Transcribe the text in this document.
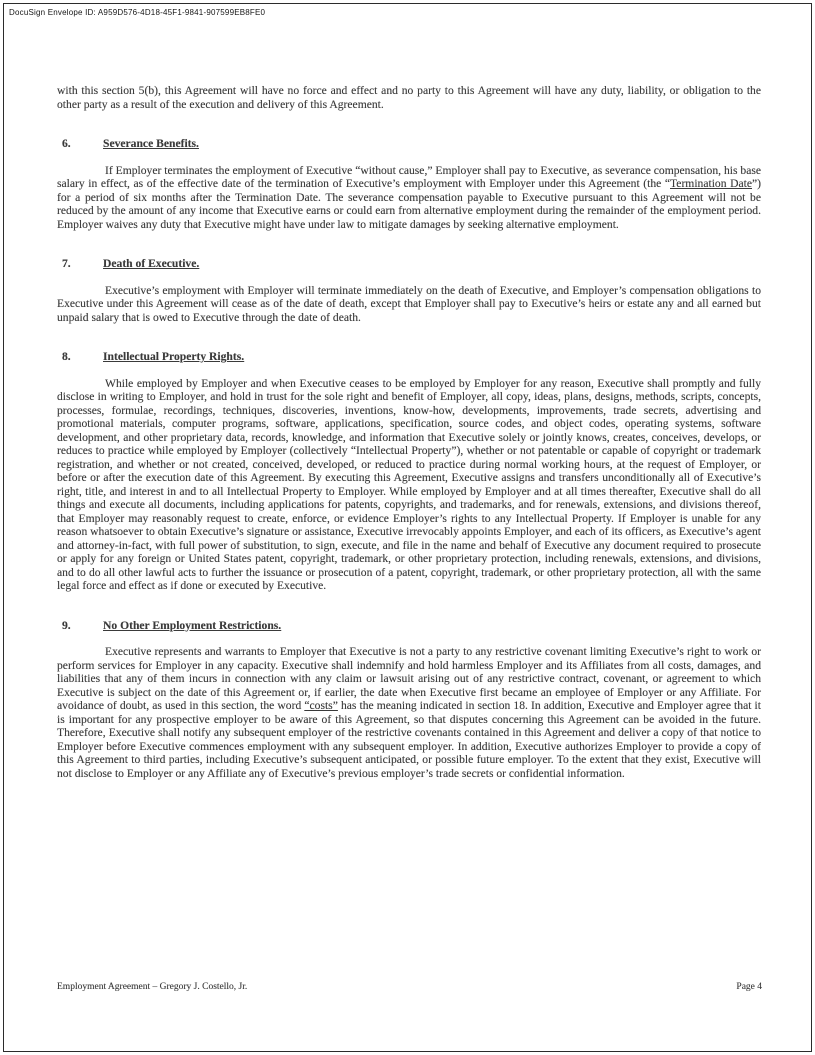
DocuSign Envelope ID: A959D576-4D18-45F1-9841-907599EB8FE0

with this section 5(b), this Agreement will have no force and effect and no party to this Agreement will have any duty, liability, or obligation to the other party as a result of the execution and delivery of this Agreement.

6.	Severance Benefits.

If Employer terminates the employment of Executive “without cause,” Employer shall pay to Executive, as severance compensation, his base salary in effect, as of the effective date of the termination of Executive’s employment with Employer under this Agreement (the “Termination Date”) for a period of six months after the Termination Date. The severance compensation payable to Executive pursuant to this Agreement will not be reduced by the amount of any income that Executive earns or could earn from alternative employment during the remainder of the employment period. Employer waives any duty that Executive might have under law to mitigate damages by seeking alternative employment.

7.	Death of Executive.

Executive’s employment with Employer will terminate immediately on the death of Executive, and Employer’s compensation obligations to Executive under this Agreement will cease as of the date of death, except that Employer shall pay to Executive’s heirs or estate any and all earned but unpaid salary that is owed to Executive through the date of death.

8.	Intellectual Property Rights.

While employed by Employer and when Executive ceases to be employed by Employer for any reason, Executive shall promptly and fully disclose in writing to Employer, and hold in trust for the sole right and benefit of Employer, all copy, ideas, plans, designs, methods, scripts, concepts, processes, formulae, recordings, techniques, discoveries, inventions, know-how, developments, improvements, trade secrets, advertising and promotional materials, computer programs, software, applications, specification, source codes, and object codes, operating systems, software development, and other proprietary data, records, knowledge, and information that Executive solely or jointly knows, creates, conceives, develops, or reduces to practice while employed by Employer (collectively “Intellectual Property”), whether or not patentable or capable of copyright or trademark registration, and whether or not created, conceived, developed, or reduced to practice during normal working hours, at the request of Employer, or before or after the execution date of this Agreement. By executing this Agreement, Executive assigns and transfers unconditionally all of Executive’s right, title, and interest in and to all Intellectual Property to Employer. While employed by Employer and at all times thereafter, Executive shall do all things and execute all documents, including applications for patents, copyrights, and trademarks, and for renewals, extensions, and divisions thereof, that Employer may reasonably request to create, enforce, or evidence Employer’s rights to any Intellectual Property. If Employer is unable for any reason whatsoever to obtain Executive’s signature or assistance, Executive irrevocably appoints Employer, and each of its officers, as Executive’s agent and attorney-in-fact, with full power of substitution, to sign, execute, and file in the name and behalf of Executive any document required to prosecute or apply for any foreign or United States patent, copyright, trademark, or other proprietary protection, including renewals, extensions, and divisions, and to do all other lawful acts to further the issuance or prosecution of a patent, copyright, trademark, or other proprietary protection, all with the same legal force and effect as if done or executed by Executive.

9.	No Other Employment Restrictions.

Executive represents and warrants to Employer that Executive is not a party to any restrictive covenant limiting Executive’s right to work or perform services for Employer in any capacity. Executive shall indemnify and hold harmless Employer and its Affiliates from all costs, damages, and liabilities that any of them incurs in connection with any claim or lawsuit arising out of any restrictive contract, covenant, or agreement to which Executive is subject on the date of this Agreement or, if earlier, the date when Executive first became an employee of Employer or any Affiliate. For avoidance of doubt, as used in this section, the word “costs” has the meaning indicated in section 18. In addition, Executive and Employer agree that it is important for any prospective employer to be aware of this Agreement, so that disputes concerning this Agreement can be avoided in the future. Therefore, Executive shall notify any subsequent employer of the restrictive covenants contained in this Agreement and deliver a copy of that notice to Employer before Executive commences employment with any subsequent employer. In addition, Executive authorizes Employer to provide a copy of this Agreement to third parties, including Executive’s subsequent anticipated, or possible future employer. To the extent that they exist, Executive will not disclose to Employer or any Affiliate any of Executive’s previous employer’s trade secrets or confidential information.

Employment Agreement – Gregory J. Costello, Jr.	Page 4
